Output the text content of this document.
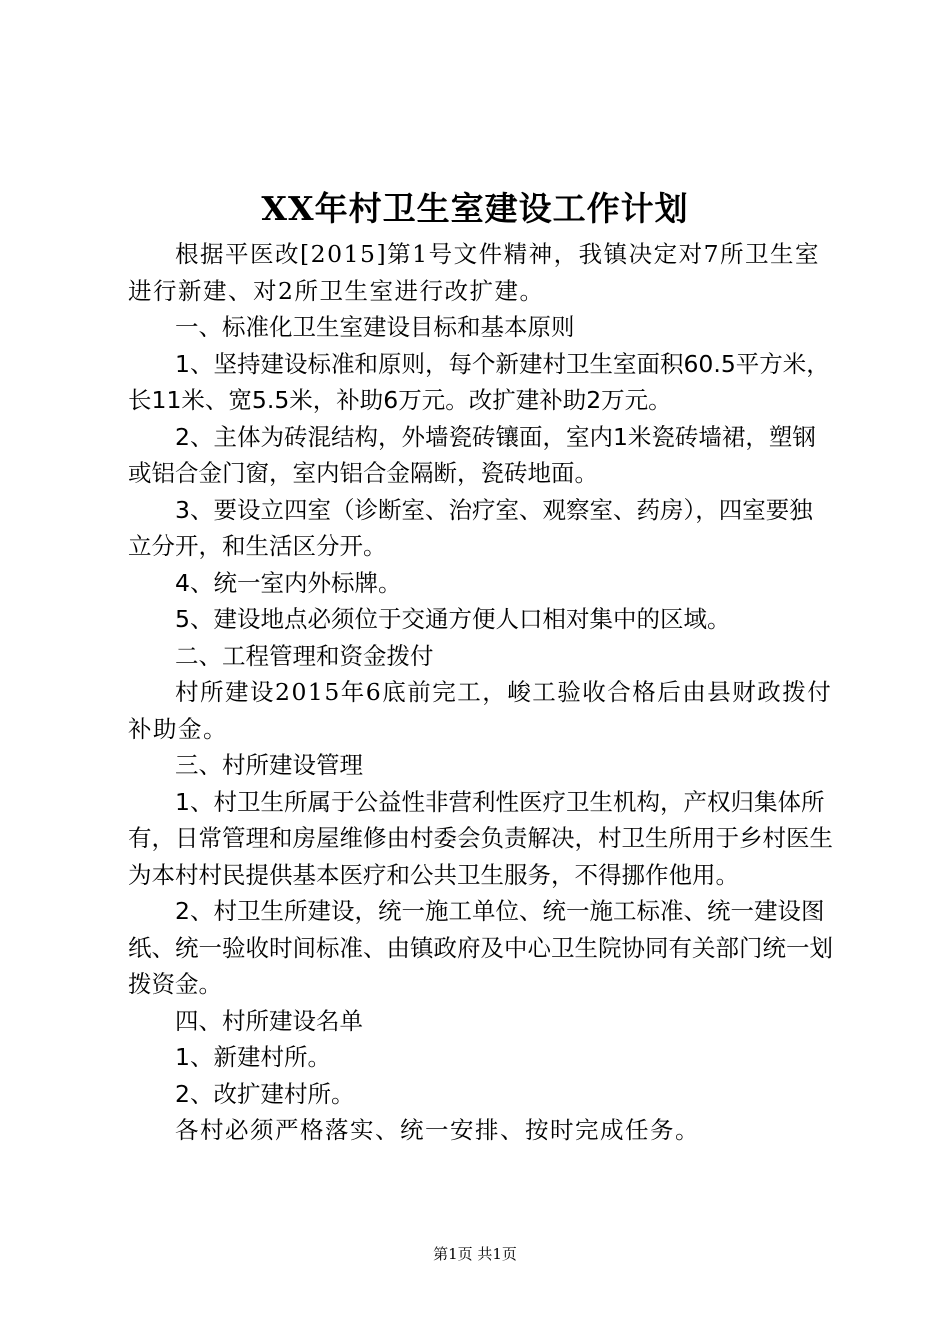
XX年村卫生室建设工作计划

根据平医改[2015]第1号文件精神，我镇决定对7所卫生室进行新建、对2所卫生室进行改扩建。

一、标准化卫生室建设目标和基本原则

1、坚持建设标准和原则，每个新建村卫生室面积60.5平方米，长11米、宽5.5米，补助6万元。改扩建补助2万元。

2、主体为砖混结构，外墙瓷砖镶面，室内1米瓷砖墙裙，塑钢或铝合金门窗，室内铝合金隔断，瓷砖地面。

3、要设立四室（诊断室、治疗室、观察室、药房），四室要独立分开，和生活区分开。

4、统一室内外标牌。

5、建设地点必须位于交通方便人口相对集中的区域。

二、工程管理和资金拨付

村所建设2015年6底前完工，峻工验收合格后由县财政拨付补助金。

三、村所建设管理

1、村卫生所属于公益性非营利性医疗卫生机构，产权归集体所有，日常管理和房屋维修由村委会负责解决，村卫生所用于乡村医生为本村村民提供基本医疗和公共卫生服务，不得挪作他用。

2、村卫生所建设，统一施工单位、统一施工标准、统一建设图纸、统一验收时间标准、由镇政府及中心卫生院协同有关部门统一划拨资金。

四、村所建设名单

1、新建村所。

2、改扩建村所。

各村必须严格落实、统一安排、按时完成任务。

第1页 共1页
